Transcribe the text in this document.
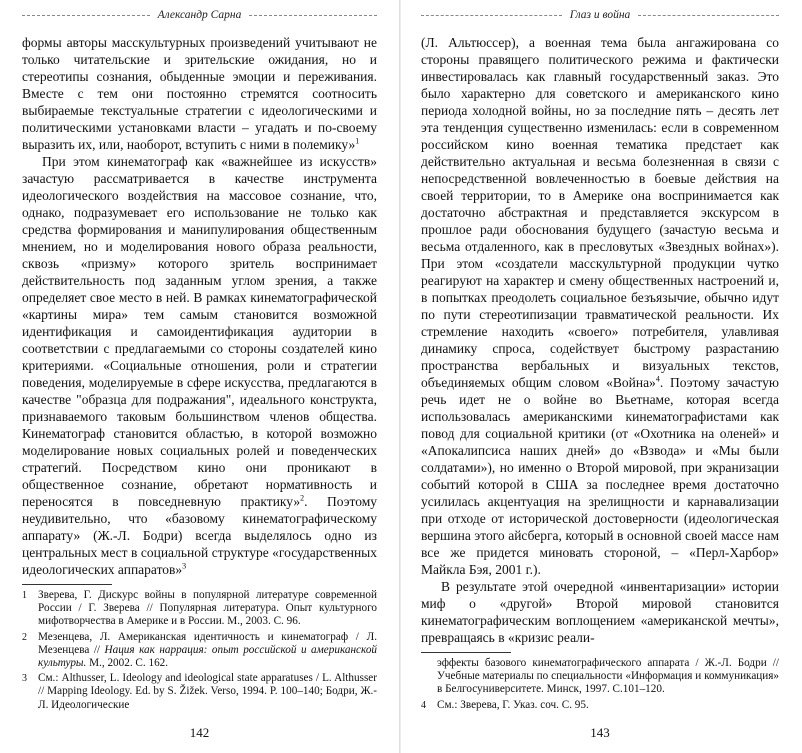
Александр Сарна

формы авторы масскультурных произведений учитывают не только читательские и зрительские ожидания, но и стереотипы сознания, обыденные эмоции и переживания. Вместе с тем они постоянно стремятся соотносить выбираемые текстуальные стратегии с идеологическими и политическими установками власти – угадать и по-своему выразить их, или, наоборот, вступить с ними в полемику»$^1$

При этом кинематограф как «важнейшее из искусств» зачастую рассматривается в качестве инструмента идеологического воздействия на массовое сознание, что, однако, подразумевает его использование не только как средства формирования и манипулирования общественным мнением, но и моделирования нового образа реальности, сквозь «призму» которого зритель воспринимает действительность под заданным углом зрения, а также определяет свое место в ней. В рамках кинематографической «картины мира» тем самым становится возможной идентификация и самоидентификация аудитории в соответствии с предлагаемыми со стороны создателей кино критериями. «Социальные отношения, роли и стратегии поведения, моделируемые в сфере искусства, предлагаются в качестве "образца для подражания", идеального конструкта, признаваемого таковым большинством членов общества. Кинематограф становится областью, в которой возможно моделирование новых социальных ролей и поведенческих стратегий. Посредством кино они проникают в общественное сознание, обретают нормативность и переносятся в повседневную практику»$^2$. Поэтому неудивительно, что «базовому кинематографическому аппарату» (Ж.-Л. Бодри) всегда выделялось одно из центральных мест в социальной структуре «государственных идеологических аппаратов»$^3$

1 Зверева, Г. Дискурс войны в популярной литературе современной России / Г. Зверева // Популярная литература. Опыт культурного мифотворчества в Америке и в России. М., 2003. С. 96.
2 Мезенцева, Л. Американская идентичность и кинематограф / Л. Мезенцева // Нация как наррация: опыт российской и американской культуры. М., 2002. С. 162.
3 См.: Althusser, L. Ideology and ideological state apparatuses / L. Althusser // Mapping Ideology. Ed. by S. Žižek. Verso, 1994. P. 100–140; Бодри, Ж.-Л. Идеологические
142
Глаз и война

(Л. Альтюссер), а военная тема была ангажирована со стороны правящего политического режима и фактически инвестировалась как главный государственный заказ. Это было характерно для советского и американского кино периода холодной войны, но за последние пять – десять лет эта тенденция существенно изменилась: если в современном российском кино военная тематика предстает как действительно актуальная и весьма болезненная в связи с непосредственной вовлеченностью в боевые действия на своей территории, то в Америке она воспринимается как достаточно абстрактная и представляется экскурсом в прошлое ради обоснования будущего (зачастую весьма и весьма отдаленного, как в пресловутых «Звездных войнах»). При этом «создатели масскультурной продукции чутко реагируют на характер и смену общественных настроений и, в попытках преодолеть социальное безъязычие, обычно идут по пути стереотипизации травматической реальности. Их стремление находить «своего» потребителя, улавливая динамику спроса, содействует быстрому разрастанию пространства вербальных и визуальных текстов, объединяемых общим словом «Война»$^4$. Поэтому зачастую речь идет не о войне во Вьетнаме, которая всегда использовалась американскими кинематографистами как повод для социальной критики (от «Охотника на оленей» и «Апокалипсиса наших дней» до «Взвода» и «Мы были солдатами»), но именно о Второй мировой, при экранизации событий которой в США за последнее время достаточно усилилась акцентуация на зрелищности и карнавализации при отходе от исторической достоверности (идеологическая вершина этого айсберга, который в основной своей массе нам все же придется миновать стороной, – «Перл-Харбор» Майкла Бэя, 2001 г.).

В результате этой очередной «инвентаризации» истории миф о «другой» Второй мировой становится кинематографическим воплощением «американской мечты», превращаясь в «кризис реали-

эффекты базового кинематографического аппарата / Ж.-Л. Бодри // Учебные материалы по специальности «Информация и коммуникация» в Белгосуниверситете. Минск, 1997. С.101–120.
4 См.: Зверева, Г. Указ. соч. С. 95.
143
